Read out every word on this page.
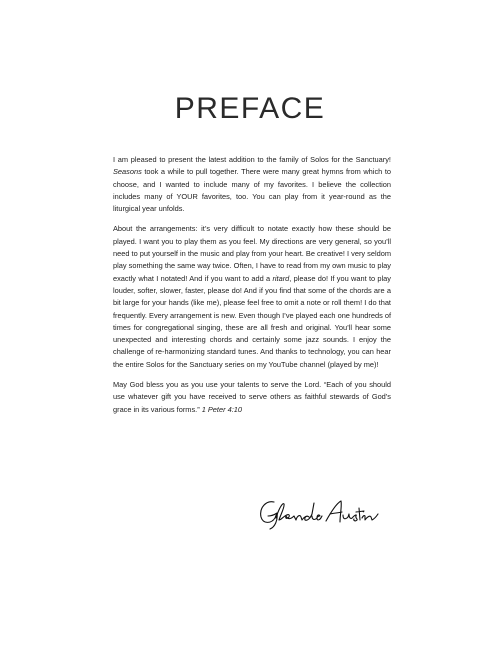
PREFACE

I am pleased to present the latest addition to the family of Solos for the Sanctuary! Seasons took a while to pull together. There were many great hymns from which to choose, and I wanted to include many of my favorites. I believe the collection includes many of YOUR favorites, too. You can play from it year-round as the liturgical year unfolds.

About the arrangements: it’s very difficult to notate exactly how these should be played. I want you to play them as you feel. My directions are very general, so you’ll need to put yourself in the music and play from your heart. Be creative! I very seldom play something the same way twice. Often, I have to read from my own music to play exactly what I notated! And if you want to add a ritard, please do! If you want to play louder, softer, slower, faster, please do! And if you find that some of the chords are a bit large for your hands (like me), please feel free to omit a note or roll them! I do that frequently. Every arrangement is new. Even though I’ve played each one hundreds of times for congregational singing, these are all fresh and original. You’ll hear some unexpected and interesting chords and certainly some jazz sounds. I enjoy the challenge of re-harmonizing standard tunes. And thanks to technology, you can hear the entire Solos for the Sanctuary series on my YouTube channel (played by me)!

May God bless you as you use your talents to serve the Lord. “Each of you should use whatever gift you have received to serve others as faithful stewards of God’s grace in its various forms.” 1 Peter 4:10
